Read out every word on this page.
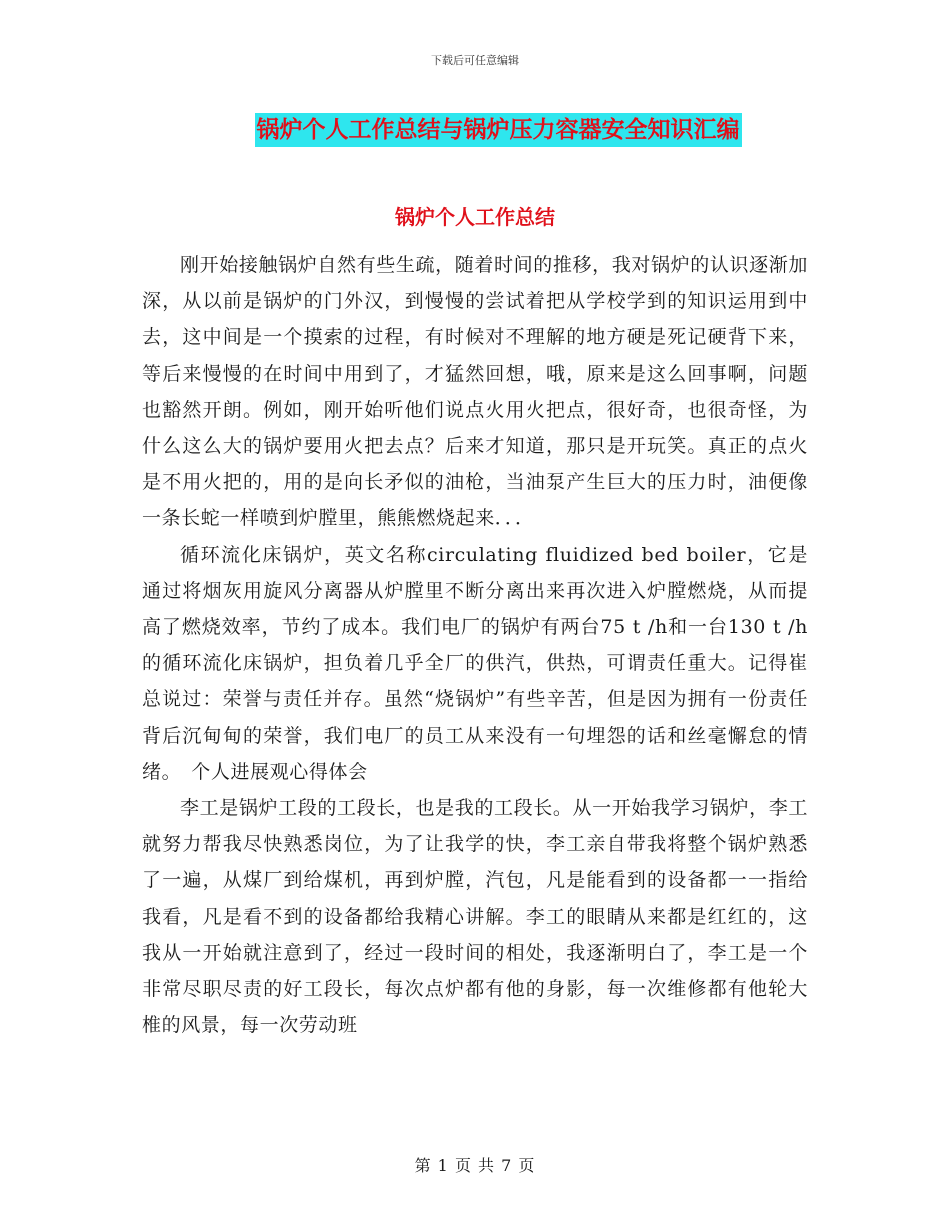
下载后可任意编辑
锅炉个人工作总结与锅炉压力容器安全知识汇编
锅炉个人工作总结

刚开始接触锅炉自然有些生疏，随着时间的推移，我对锅炉的认识逐渐加深，从以前是锅炉的门外汉，到慢慢的尝试着把从学校学到的知识运用到中去，这中间是一个摸索的过程，有时候对不理解的地方硬是死记硬背下来，等后来慢慢的在时间中用到了，才猛然回想，哦，原来是这么回事啊，问题也豁然开朗。例如，刚开始听他们说点火用火把点，很好奇，也很奇怪，为什么这么大的锅炉要用火把去点？后来才知道，那只是开玩笑。真正的点火是不用火把的，用的是向长矛似的油枪，当油泵产生巨大的压力时，油便像一条长蛇一样喷到炉膛里，熊熊燃烧起来．．．

循环流化床锅炉，英文名称circulating fluidized bed boiler，它是通过将烟灰用旋风分离器从炉膛里不断分离出来再次进入炉膛燃烧，从而提高了燃烧效率，节约了成本。我们电厂的锅炉有两台75 t /h和一台130 t /h的循环流化床锅炉，担负着几乎全厂的供汽，供热，可谓责任重大。记得崔总说过：荣誉与责任并存。虽然“烧锅炉”有些辛苦，但是因为拥有一份责任背后沉甸甸的荣誉，我们电厂的员工从来没有一句埋怨的话和丝毫懈怠的情绪。　个人进展观心得体会

李工是锅炉工段的工段长，也是我的工段长。从一开始我学习锅炉，李工就努力帮我尽快熟悉岗位，为了让我学的快，李工亲自带我将整个锅炉熟悉了一遍，从煤厂到给煤机，再到炉膛，汽包，凡是能看到的设备都一一指给我看，凡是看不到的设备都给我精心讲解。李工的眼睛从来都是红红的，这我从一开始就注意到了，经过一段时间的相处，我逐渐明白了，李工是一个非常尽职尽责的好工段长，每次点炉都有他的身影，每一次维修都有他轮大椎的风景，每一次劳动班

第 1 页 共 7 页
